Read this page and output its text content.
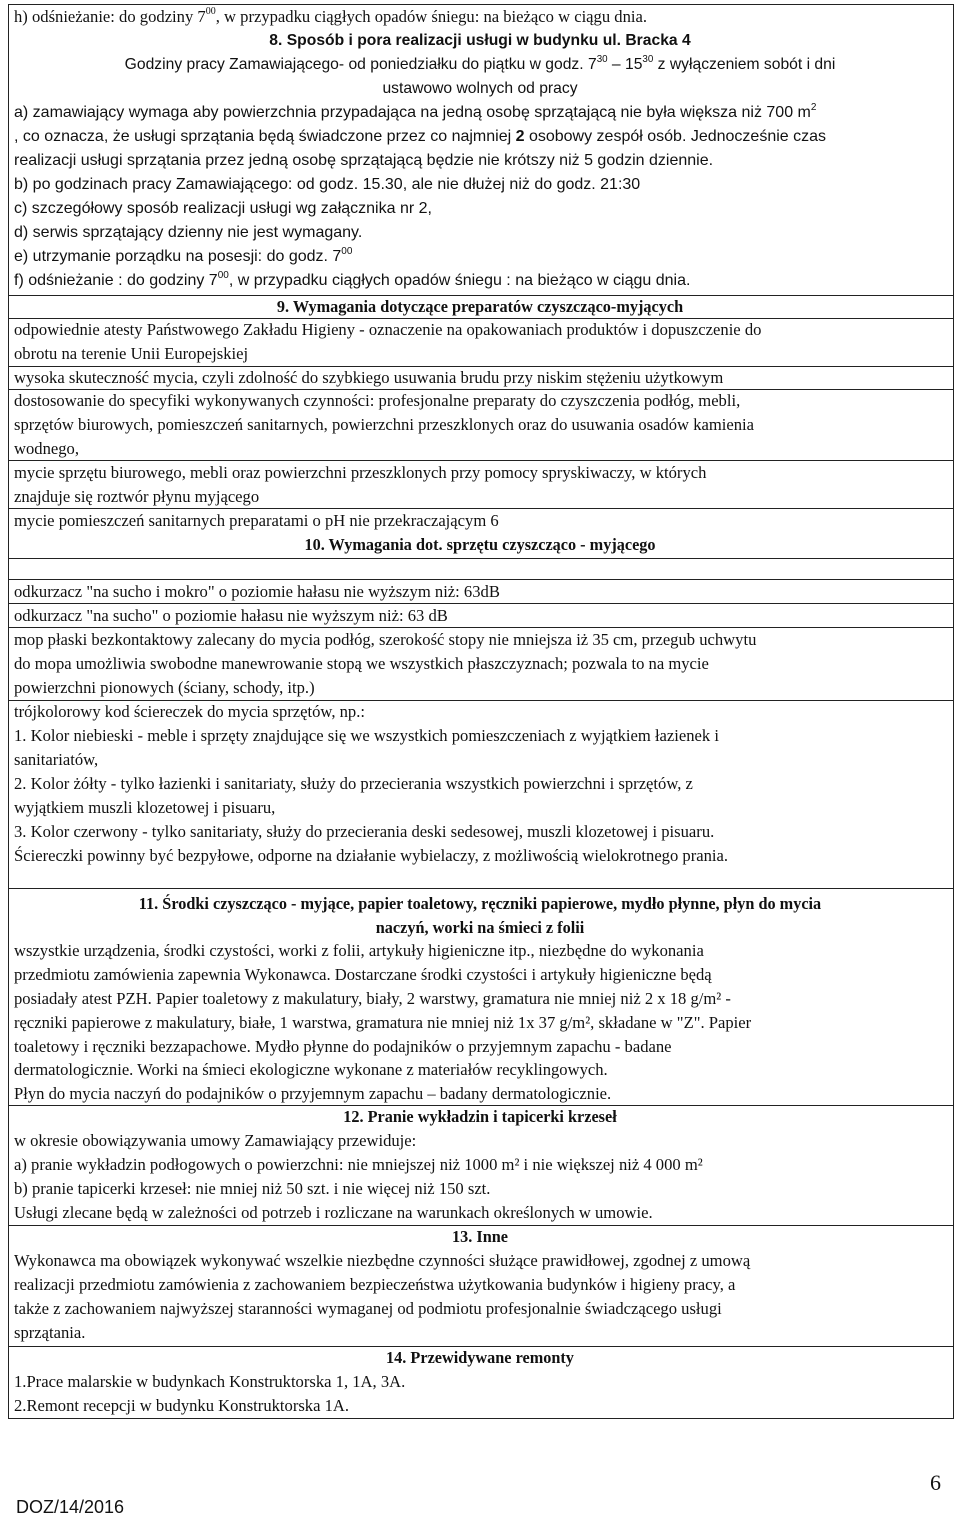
h) odśnieżanie: do godziny $7^{00}$, w przypadku ciągłych opadów śniegu: na bieżąco w ciągu dnia.
8. Sposób i pora realizacji usługi w budynku ul. Bracka 4
Godziny pracy Zamawiającego- od poniedziałku do piątku w godz. $7^{30} - 15^{30}$ z wyłączeniem sobót i dni
ustawowo wolnych od pracy
a) zamawiający wymaga aby powierzchnia przypadająca na jedną osobę sprzątającą nie była większa niż 700 $m^2$
, co oznacza, że usługi sprzątania będą świadczone przez co najmniej 2 osobowy zespół osób. Jednocześnie czas
realizacji usługi sprzątania przez jedną osobę sprzątającą będzie nie krótszy niż 5 godzin dziennie.
b) po godzinach pracy Zamawiającego: od godz. 15.30, ale nie dłużej niż do godz. 21:30
c) szczegółowy sposób realizacji usługi wg załącznika nr 2,
d) serwis sprzątający dzienny nie jest wymagany.
e) utrzymanie porządku na posesji: do godz. $7^{00}$
f) odśnieżanie : do godziny $7^{00}$, w przypadku ciągłych opadów śniegu : na bieżąco w ciągu dnia.
9. Wymagania dotyczące preparatów czyszcząco-myjących
odpowiednie atesty Państwowego Zakładu Higieny - oznaczenie na opakowaniach produktów i dopuszczenie do
obrotu na terenie Unii Europejskiej
wysoka skuteczność mycia, czyli zdolność do szybkiego usuwania brudu przy niskim stężeniu użytkowym
dostosowanie do specyfiki wykonywanych czynności: profesjonalne preparaty do czyszczenia podłóg, mebli,
sprzętów biurowych, pomieszczeń sanitarnych, powierzchni przeszklonych oraz do usuwania osadów kamienia
wodnego,
mycie sprzętu biurowego, mebli oraz powierzchni przeszklonych przy pomocy spryskiwaczy, w których
znajduje się roztwór płynu myjącego
mycie pomieszczeń sanitarnych preparatami o pH nie przekraczającym 6
10. Wymagania dot. sprzętu czyszcząco - myjącego
odkurzacz "na sucho i mokro" o poziomie hałasu nie wyższym niż: 63dB
odkurzacz "na sucho" o poziomie hałasu nie wyższym niż: 63 dB
mop płaski bezkontaktowy zalecany do mycia podłóg, szerokość stopy nie mniejsza iż 35 cm, przegub uchwytu
do mopa umożliwia swobodne manewrowanie stopą we wszystkich płaszczyznach; pozwala to na mycie
powierzchni pionowych (ściany, schody, itp.)
trójkolorowy kod ściereczek do mycia sprzętów, np.:
1. Kolor niebieski - meble i sprzęty znajdujące się we wszystkich pomieszczeniach z wyjątkiem łazienek i
sanitariatów,
2. Kolor żółty - tylko łazienki i sanitariaty, służy do przecierania wszystkich powierzchni i sprzętów, z
wyjątkiem muszli klozetowej i pisuaru,
3. Kolor czerwony - tylko sanitariaty, służy do przecierania deski sedesowej, muszli klozetowej i pisuaru.
Ściereczki powinny być bezpyłowe, odporne na działanie wybielaczy, z możliwością wielokrotnego prania.
11. Środki czyszcząco - myjące, papier toaletowy, ręczniki papierowe, mydło płynne, płyn do mycia
naczyń, worki na śmieci z folii
wszystkie urządzenia, środki czystości, worki z folii, artykuły higieniczne itp., niezbędne do wykonania
przedmiotu zamówienia zapewnia Wykonawca. Dostarczane środki czystości i artykuły higieniczne będą
posiadały atest PZH. Papier toaletowy z makulatury, biały, 2 warstwy, gramatura nie mniej niż 2 x 18 g/m² -
ręczniki papierowe z makulatury, białe, 1 warstwa, gramatura nie mniej niż 1x 37 g/m², składane w "Z". Papier
toaletowy i ręczniki bezzapachowe. Mydło płynne do podajników o przyjemnym zapachu - badane
dermatologicznie. Worki na śmieci ekologiczne wykonane z materiałów recyklingowych.
Płyn do mycia naczyń do podajników o przyjemnym zapachu – badany dermatologicznie.
12. Pranie wykładzin i tapicerki krzeseł
w okresie obowiązywania umowy Zamawiający przewiduje:
a) pranie wykładzin podłogowych o powierzchni: nie mniejszej niż 1000 m² i nie większej niż 4 000 m²
b) pranie tapicerki krzeseł: nie mniej niż 50 szt. i nie więcej niż 150 szt.
Usługi zlecane będą w zależności od potrzeb i rozliczane na warunkach określonych w umowie.
13. Inne
Wykonawca ma obowiązek wykonywać wszelkie niezbędne czynności służące prawidłowej, zgodnej z umową
realizacji przedmiotu zamówienia z zachowaniem bezpieczeństwa użytkowania budynków i higieny pracy, a
także z zachowaniem najwyższej staranności wymaganej od podmiotu profesjonalnie świadczącego usługi
sprzątania.
14. Przewidywane remonty
1.Prace malarskie w budynkach Konstruktorska 1, 1A, 3A.
2.Remont recepcji w budynku Konstruktorska 1A.
DOZ/14/2016
6
